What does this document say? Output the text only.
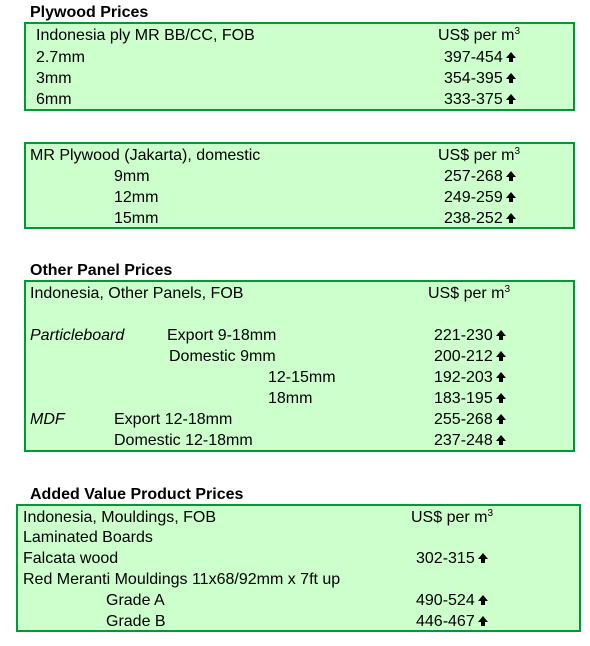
Plywood Prices
Indonesia ply MR BB/CC, FOB	US$ per $m^3$
2.7mm	397-454
3mm	354-395
6mm	333-375
MR Plywood (Jakarta), domestic	US$ per $m^3$
9mm	257-268
12mm	249-259
15mm	238-252
Other Panel Prices
Indonesia, Other Panels, FOB	US$ per $m^3$
Particleboard	Export 9-18mm	221-230
Domestic 9mm	200-212
12-15mm	192-203
18mm	183-195
MDF	Export 12-18mm	255-268
Domestic 12-18mm	237-248
Added Value Product Prices
Indonesia, Mouldings, FOB	US$ per $m^3$
Laminated Boards
Falcata wood	302-315
Red Meranti Mouldings 11x68/92mm x 7ft up
Grade A	490-524
Grade B	446-467
